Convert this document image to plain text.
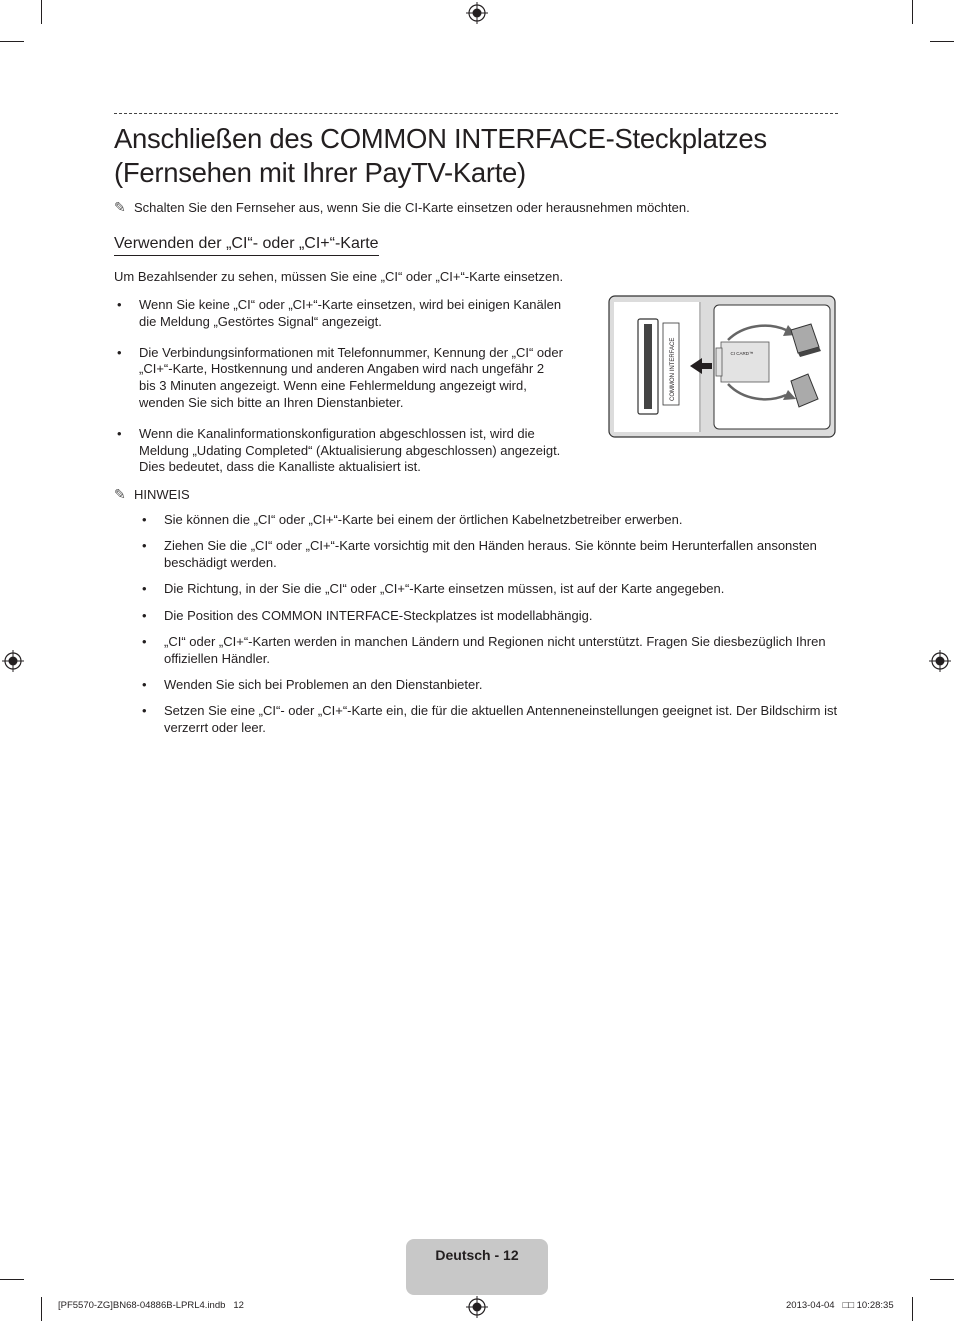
Anschließen des COMMON INTERFACE-Steckplatzes
(Fernsehen mit Ihrer PayTV-Karte)
✎ Schalten Sie den Fernseher aus, wenn Sie die CI-Karte einsetzen oder herausnehmen möchten.
Verwenden der „CI“- oder „CI+“-Karte
Um Bezahlsender zu sehen, müssen Sie eine „CI“ oder „CI+“-Karte einsetzen.
• Wenn Sie keine „CI“ oder „CI+“-Karte einsetzen, wird bei einigen Kanälen die Meldung „Gestörtes Signal“ angezeigt.
• Die Verbindungsinformationen mit Telefonnummer, Kennung der „CI“ oder „CI+“-Karte, Hostkennung und anderen Angaben wird nach ungefähr 2 bis 3 Minuten angezeigt. Wenn eine Fehlermeldung angezeigt wird, wenden Sie sich bitte an Ihren Dienstanbieter.
• Wenn die Kanalinformationskonfiguration abgeschlossen ist, wird die Meldung „Udating Completed“ (Aktualisierung abgeschlossen) angezeigt. Dies bedeutet, dass die Kanalliste aktualisiert ist.
COMMON INTERFACE	CI CARD™
✎ HINWEIS
• Sie können die „CI“ oder „CI+“-Karte bei einem der örtlichen Kabelnetzbetreiber erwerben.
• Ziehen Sie die „CI“ oder „CI+“-Karte vorsichtig mit den Händen heraus. Sie könnte beim Herunterfallen ansonsten beschädigt werden.
• Die Richtung, in der Sie die „CI“ oder „CI+“-Karte einsetzen müssen, ist auf der Karte angegeben.
• Die Position des COMMON INTERFACE-Steckplatzes ist modellabhängig.
• „CI“ oder „CI+“-Karten werden in manchen Ländern und Regionen nicht unterstützt. Fragen Sie diesbezüglich Ihren offiziellen Händler.
• Wenden Sie sich bei Problemen an den Dienstanbieter.
• Setzen Sie eine „CI“- oder „CI+“-Karte ein, die für die aktuellen Antenneneinstellungen geeignet ist. Der Bildschirm ist verzerrt oder leer.
Deutsch - 12
[PF5570-ZG]BN68-04886B-LPRL4.indb   12	2013-04-04   □□ 10:28:35
